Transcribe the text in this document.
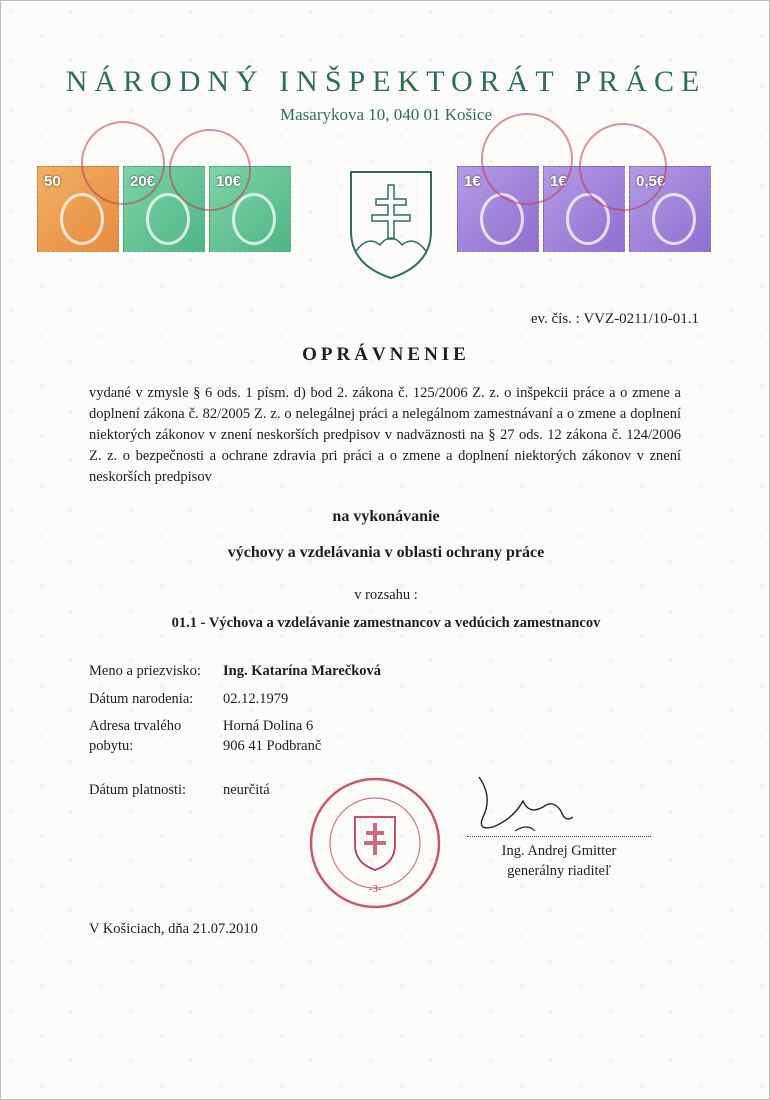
NÁRODNÝ INŠPEKTORÁT PRÁCE
Masarykova 10, 040 01 Košice
50	20€	10€	1€	1€	0,5€
ev. čís. : VVZ-0211/10-01.1
OPRÁVNENIE
vydané v zmysle § 6 ods. 1 písm. d) bod 2. zákona č. 125/2006 Z. z. o inšpekcii práce a o zmene a doplnení zákona č. 82/2005 Z. z. o nelegálnej práci a nelegálnom zamestnávaní a o zmene a doplnení niektorých zákonov v znení neskorších predpisov v nadväznosti na § 27 ods. 12 zákona č. 124/2006 Z. z. o bezpečnosti a ochrane zdravia pri práci a o zmene a doplnení niektorých zákonov v znení neskorších predpisov
na vykonávanie
výchovy a vzdelávania v oblasti ochrany práce
v rozsahu :
01.1 - Výchova a vzdelávanie zamestnancov a vedúcich zamestnancov
Meno a priezvisko: Ing. Katarína Marečková
Dátum narodenia: 02.12.1979
Adresa trvalého
pobytu:
Horná Dolina 6
906 41 Podbranč
Dátum platnosti:	neurčitá
-3-
Ing. Andrej Gmitter
generálny riaditeľ
V Košiciach, dňa 21.07.2010
